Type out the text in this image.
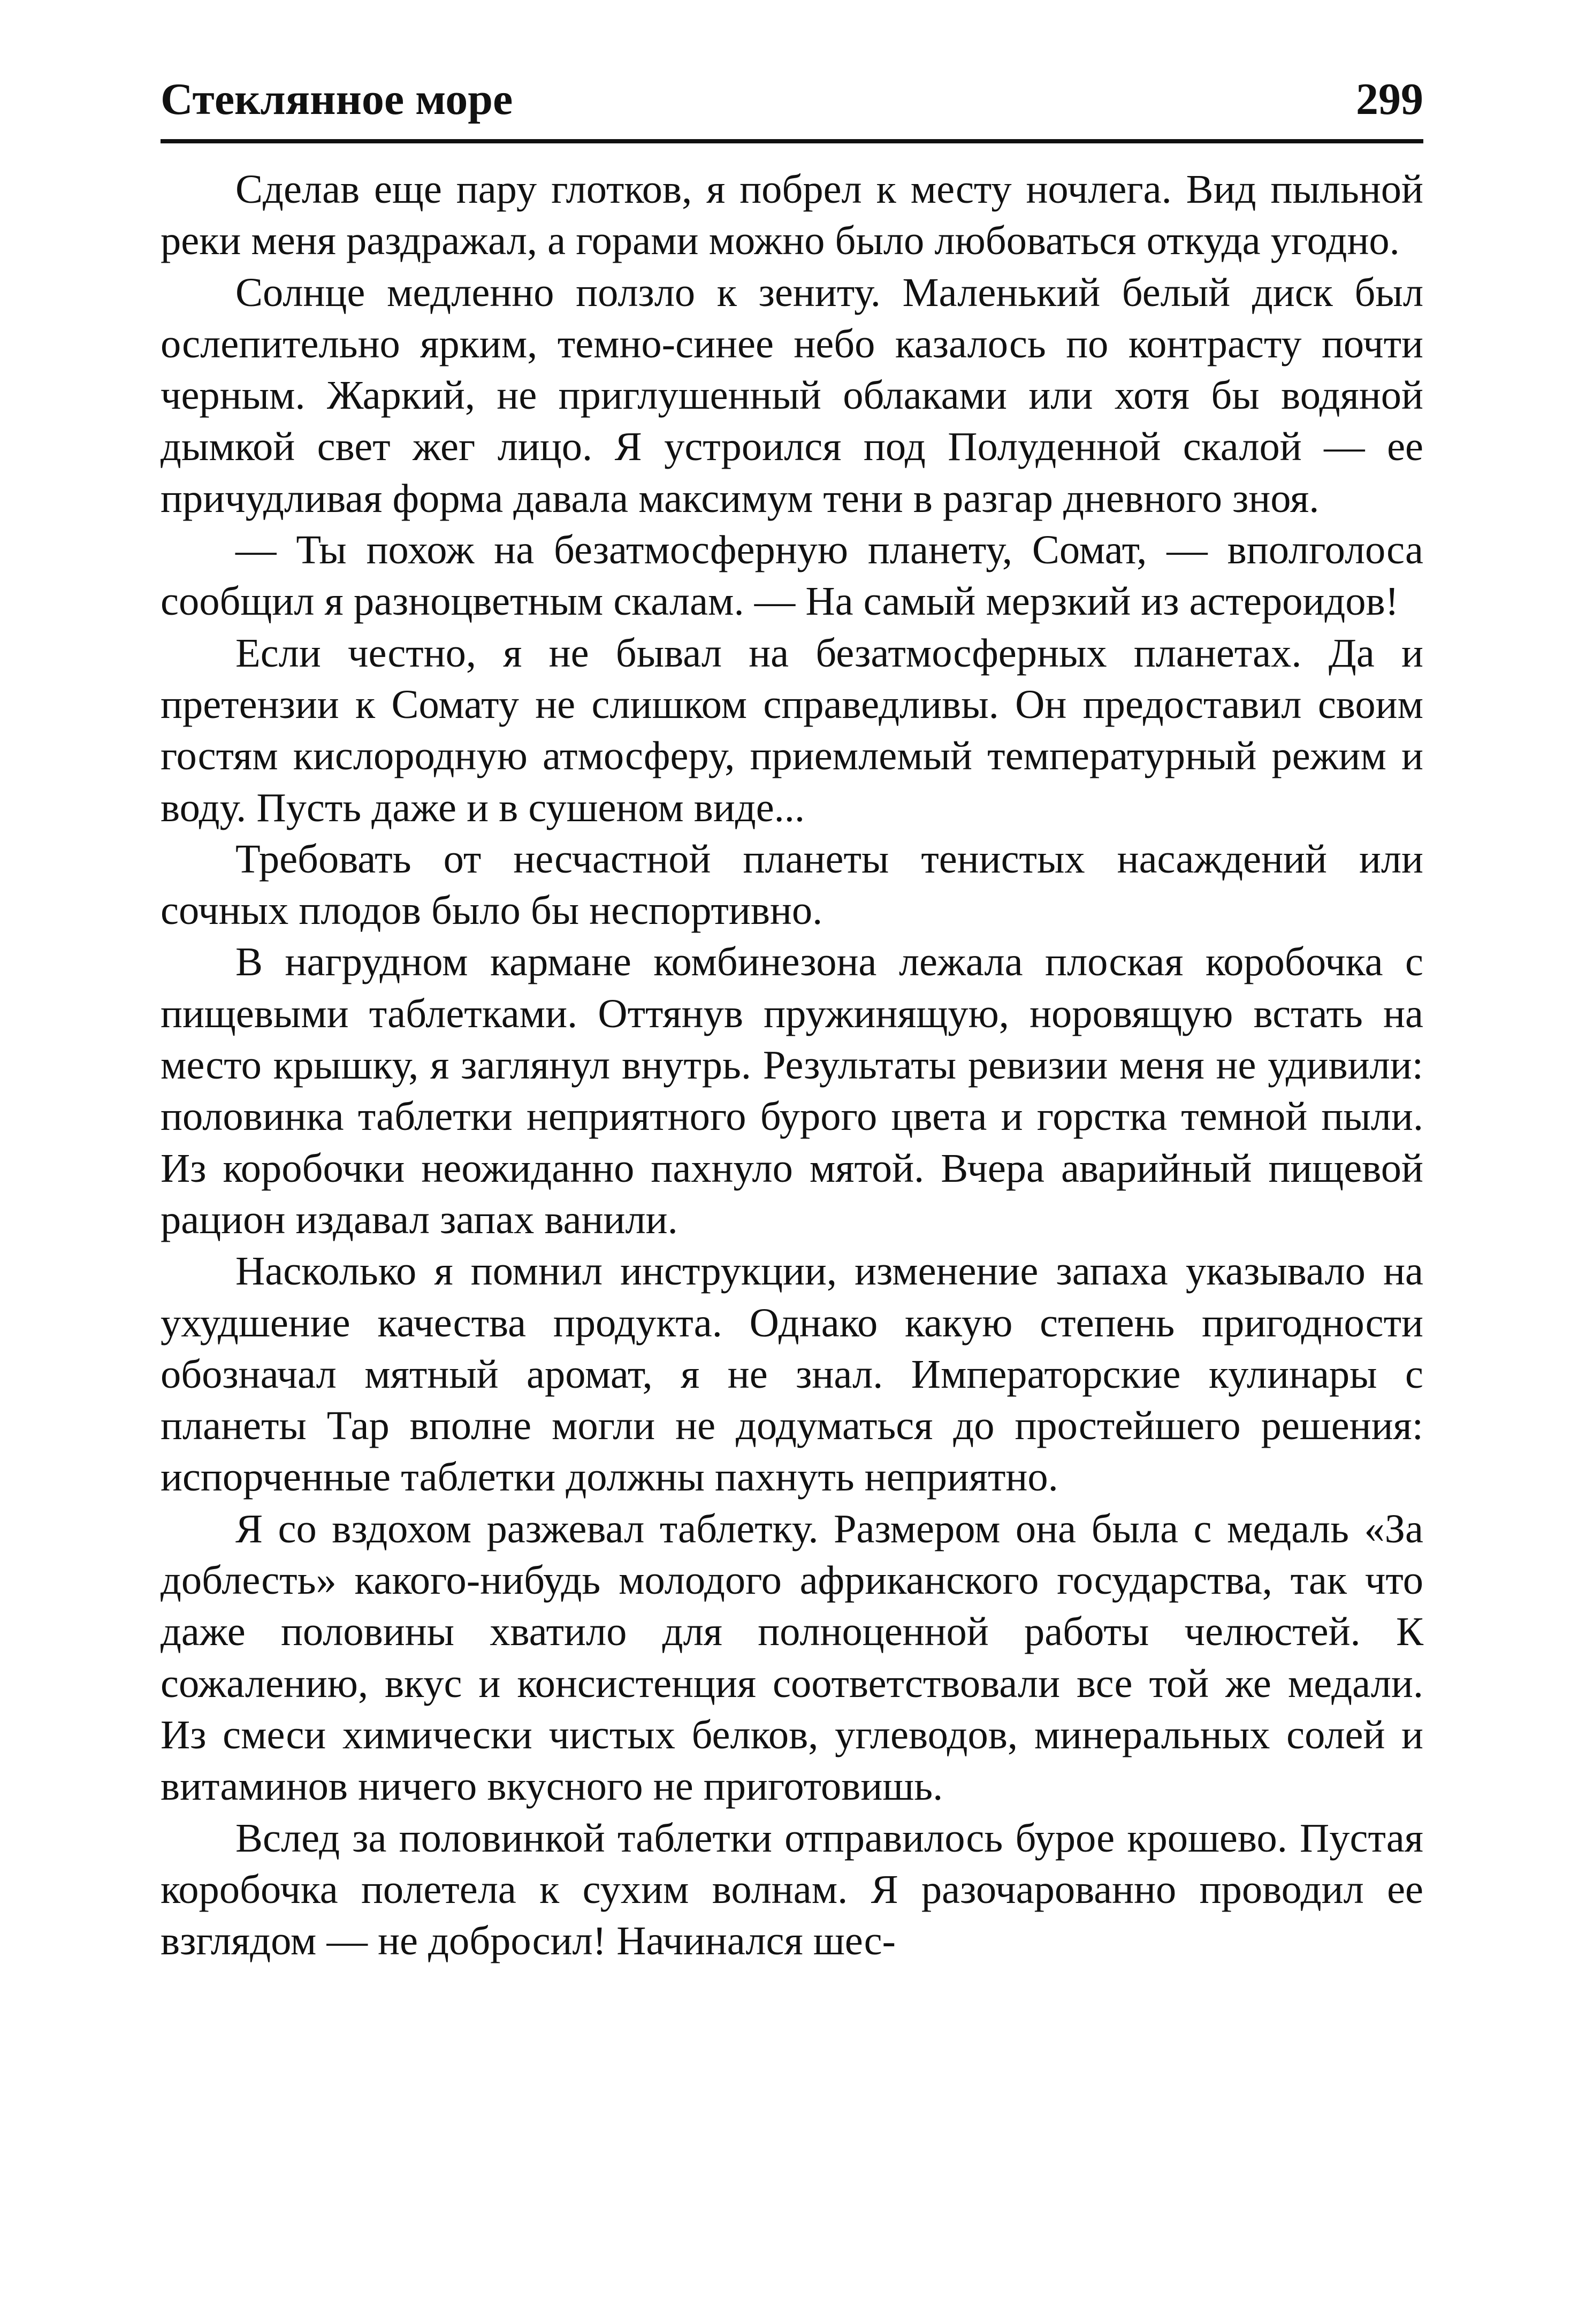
Стеклянное море	299

Сделав еще пару глотков, я побрел к месту ночлега. Вид пыльной реки меня раздражал, а горами можно было любоваться откуда угодно.

Солнце медленно ползло к зениту. Маленький белый диск был ослепительно ярким, темно-синее небо казалось по контрасту почти черным. Жаркий, не приглушенный облаками или хотя бы водяной дымкой свет жег лицо. Я устроился под Полуденной скалой — ее причудливая форма давала максимум тени в разгар дневного зноя.

— Ты похож на безатмосферную планету, Сомат, — вполголоса сообщил я разноцветным скалам. — На самый мерзкий из астероидов!

Если честно, я не бывал на безатмосферных планетах. Да и претензии к Сомату не слишком справедливы. Он предоставил своим гостям кислородную атмосферу, приемлемый температурный режим и воду. Пусть даже и в сушеном виде...

Требовать от несчастной планеты тенистых насаждений или сочных плодов было бы неспортивно.

В нагрудном кармане комбинезона лежала плоская коробочка с пищевыми таблетками. Оттянув пружинящую, норовящую встать на место крышку, я заглянул внутрь. Результаты ревизии меня не удивили: половинка таблетки неприятного бурого цвета и горстка темной пыли. Из коробочки неожиданно пахнуло мятой. Вчера аварийный пищевой рацион издавал запах ванили.

Насколько я помнил инструкции, изменение запаха указывало на ухудшение качества продукта. Однако какую степень пригодности обозначал мятный аромат, я не знал. Императорские кулинары с планеты Тар вполне могли не додуматься до простейшего решения: испорченные таблетки должны пахнуть неприятно.

Я со вздохом разжевал таблетку. Размером она была с медаль «За доблесть» какого-нибудь молодого африканского государства, так что даже половины хватило для полноценной работы челюстей. К сожалению, вкус и консистенция соответствовали все той же медали. Из смеси химически чистых белков, углеводов, минеральных солей и витаминов ничего вкусного не приготовишь.

Вслед за половинкой таблетки отправилось бурое крошево. Пустая коробочка полетела к сухим волнам. Я разочарованно проводил ее взглядом — не добросил! Начинался шес-
